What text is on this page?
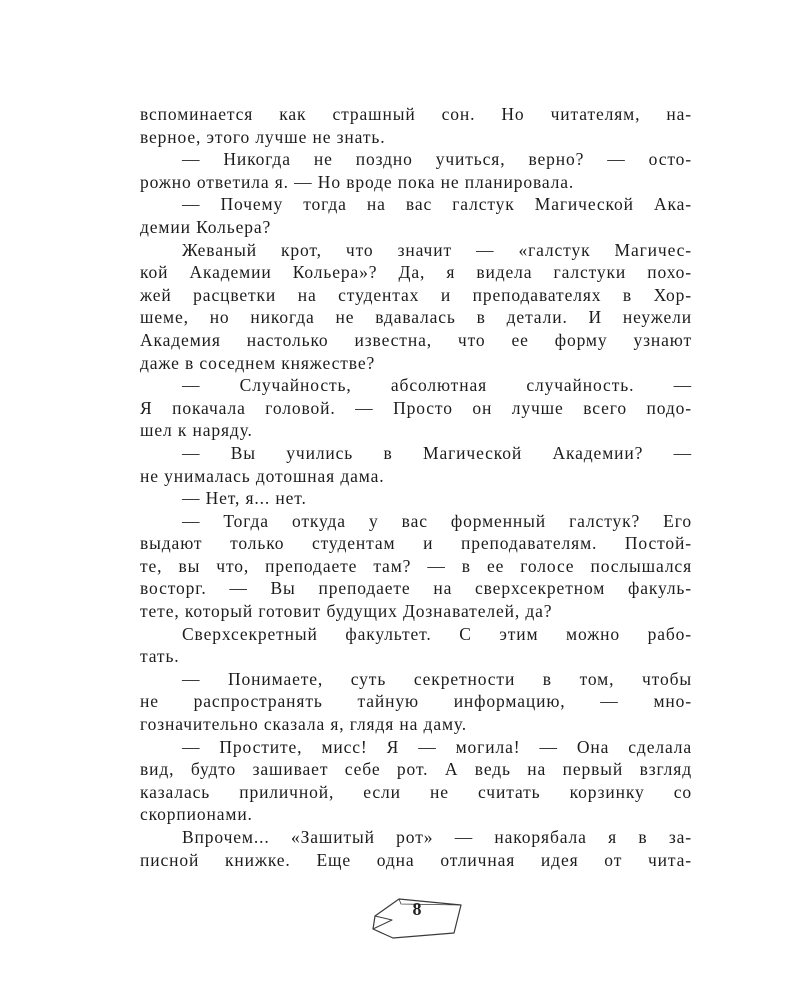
вспоминается как страшный сон. Но читателям, на-
верное, этого лучше не знать.
— Никогда не поздно учиться, верно? — осто-
рожно ответила я. — Но вроде пока не планировала.
— Почему тогда на вас галстук Магической Ака-
демии Кольера?
Жеваный крот, что значит — «галстук Магичес-
кой Академии Кольера»? Да, я видела галстуки похо-
жей расцветки на студентах и преподавателях в Хор-
шеме, но никогда не вдавалась в детали. И неужели
Академия настолько известна, что ее форму узнают
даже в соседнем княжестве?
— Случайность, абсолютная случайность. —
Я покачала головой. — Просто он лучше всего подо-
шел к наряду.
— Вы учились в Магической Академии? —
не унималась дотошная дама.
— Нет, я... нет.
— Тогда откуда у вас форменный галстук? Его
выдают только студентам и преподавателям. Постой-
те, вы что, преподаете там? — в ее голосе послышался
восторг. — Вы преподаете на сверхсекретном факуль-
тете, который готовит будущих Дознавателей, да?
Сверхсекретный факультет. С этим можно рабо-
тать.
— Понимаете, суть секретности в том, чтобы
не распространять тайную информацию, — мно-
гозначительно сказала я, глядя на даму.
— Простите, мисс! Я — могила! — Она сделала
вид, будто зашивает себе рот. А ведь на первый взгляд
казалась приличной, если не считать корзинку со
скорпионами.
Впрочем... «Зашитый рот» — накорябала я в за-
писной книжке. Еще одна отличная идея от чита-
8
